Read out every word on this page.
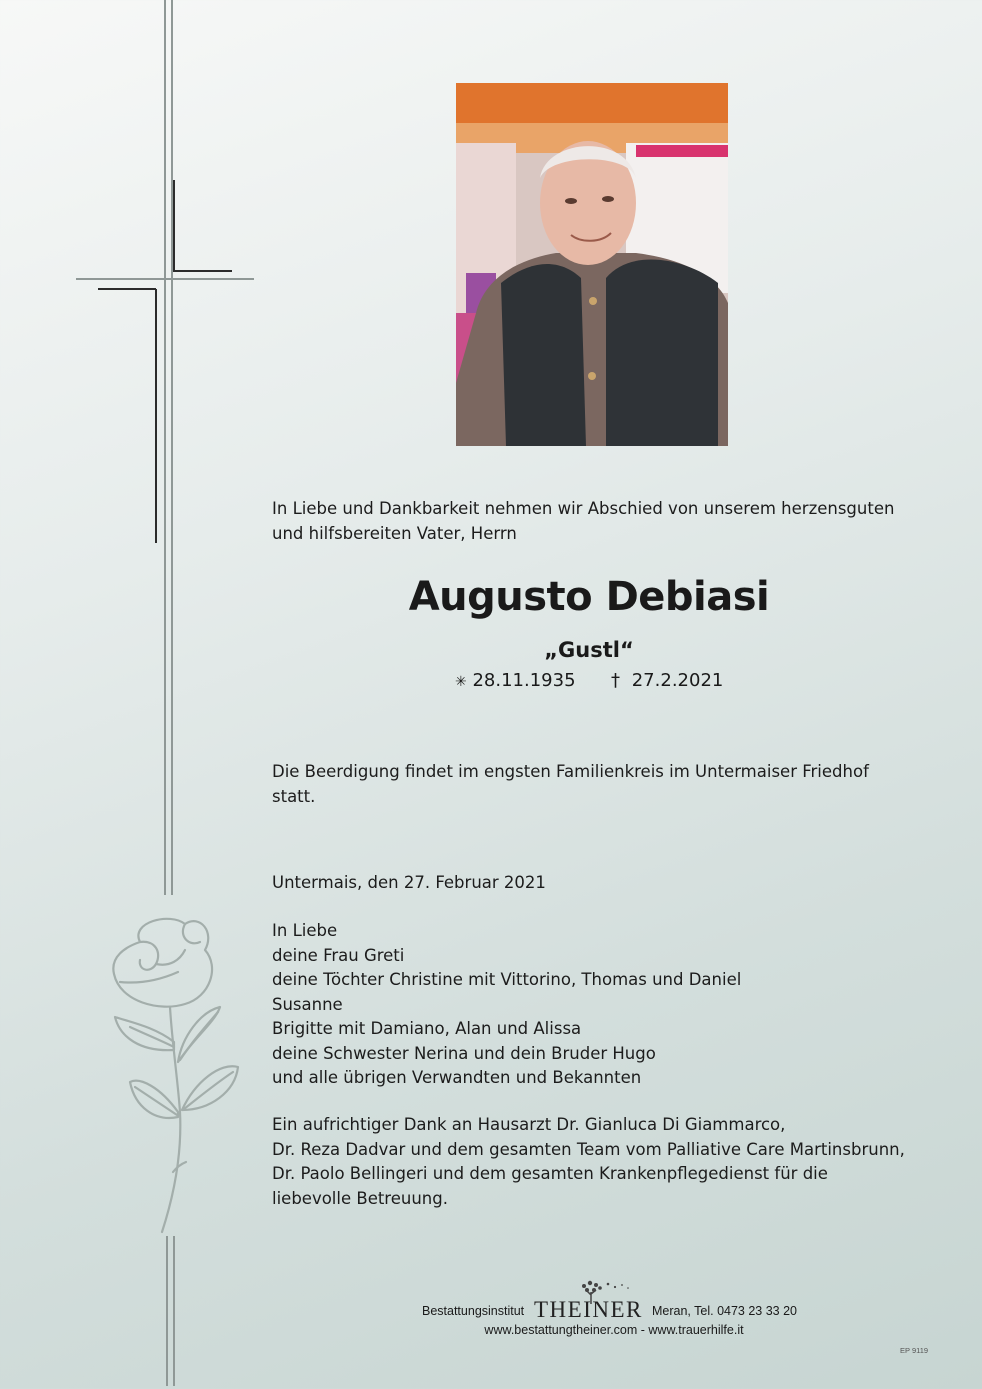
In Liebe und Dankbarkeit nehmen wir Abschied von unserem herzensguten
und hilfsbereiten Vater, Herrn
Augusto Debiasi
„Gustl“
✳ 28.11.1935 † 27.2.2021
Die Beerdigung findet im engsten Familienkreis im Untermaiser Friedhof
statt.
Untermais, den 27. Februar 2021
In Liebe
deine Frau Greti
deine Töchter Christine mit Vittorino, Thomas und Daniel
Susanne
Brigitte mit Damiano, Alan und Alissa
deine Schwester Nerina und dein Bruder Hugo
und alle übrigen Verwandten und Bekannten
Ein aufrichtiger Dank an Hausarzt Dr. Gianluca Di Giammarco,
Dr. Reza Dadvar und dem gesamten Team vom Palliative Care Martinsbrunn,
Dr. Paolo Bellingeri und dem gesamten Krankenpflegedienst für die
liebevolle Betreuung.
Bestattungsinstitut THEINER Meran, Tel. 0473 23 33 20
www.bestattungtheiner.com - www.trauerhilfe.it
EP 9119
